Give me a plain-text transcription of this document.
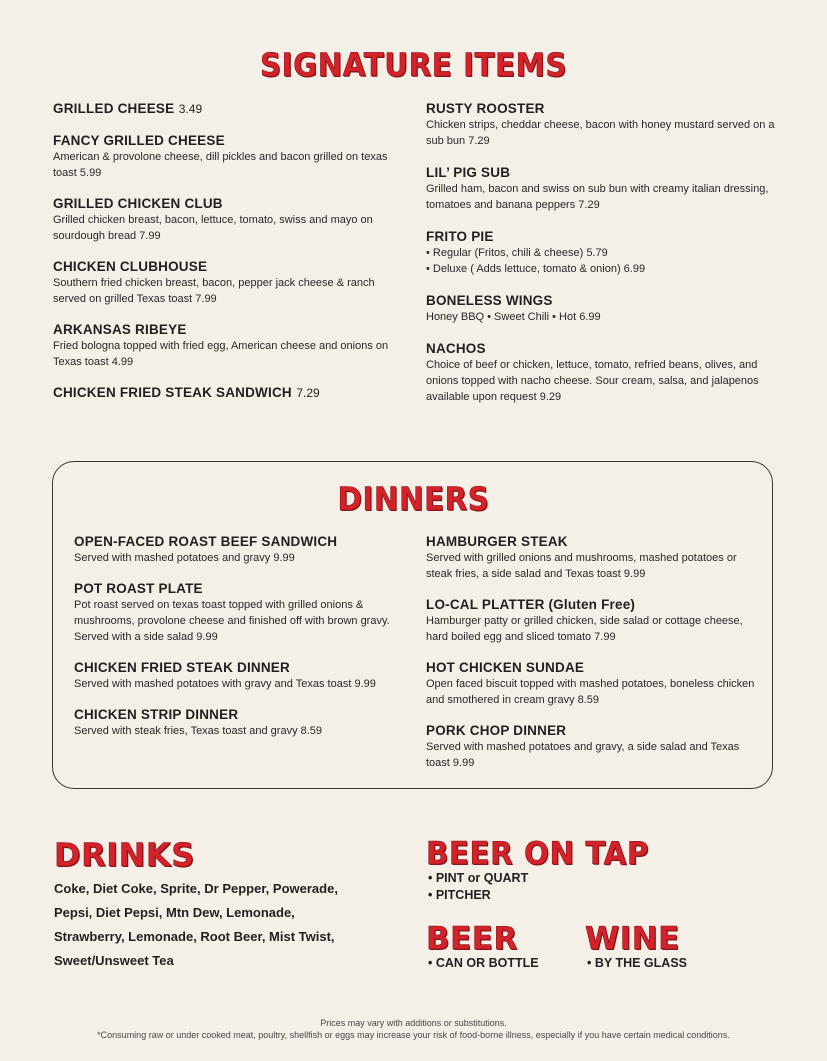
SIGNATURE ITEMS
GRILLED CHEESE 3.49
FANCY GRILLED CHEESE
American & provolone cheese, dill pickles and bacon grilled on texas toast 5.99
GRILLED CHICKEN CLUB
Grilled chicken breast, bacon, lettuce, tomato, swiss and mayo on sourdough bread 7.99
CHICKEN CLUBHOUSE
Southern fried chicken breast, bacon, pepper jack cheese & ranch served on grilled Texas toast 7.99
ARKANSAS RIBEYE
Fried bologna topped with fried egg, American cheese and onions on Texas toast 4.99
CHICKEN FRIED STEAK SANDWICH 7.29
RUSTY ROOSTER
Chicken strips, cheddar cheese, bacon with honey mustard served on a sub bun 7.29
LIL’ PIG SUB
Grilled ham, bacon and swiss on sub bun with creamy italian dressing, tomatoes and banana peppers 7.29
FRITO PIE
• Regular (Fritos, chili & cheese) 5.79
• Deluxe ( Adds lettuce, tomato & onion) 6.99
BONELESS WINGS
Honey BBQ • Sweet Chili • Hot 6.99
NACHOS
Choice of beef or chicken, lettuce, tomato, refried beans, olives, and onions topped with nacho cheese. Sour cream, salsa, and jalapenos available upon request 9.29
DINNERS
OPEN-FACED ROAST BEEF SANDWICH
Served with mashed potatoes and gravy 9.99
POT ROAST PLATE
Pot roast served on texas toast topped with grilled onions & mushrooms, provolone cheese and finished off with brown gravy. Served with a side salad 9.99
CHICKEN FRIED STEAK DINNER
Served with mashed potatoes with gravy and Texas toast 9.99
CHICKEN STRIP DINNER
Served with steak fries, Texas toast and gravy 8.59
HAMBURGER STEAK
Served with grilled onions and mushrooms, mashed potatoes or steak fries, a side salad and Texas toast 9.99
LO-CAL PLATTER (Gluten Free)
Hamburger patty or grilled chicken, side salad or cottage cheese, hard boiled egg and sliced tomato 7.99
HOT CHICKEN SUNDAE
Open faced biscuit topped with mashed potatoes, boneless chicken and smothered in cream gravy 8.59
PORK CHOP DINNER
Served with mashed potatoes and gravy, a side salad and Texas toast 9.99
DRINKS
Coke, Diet Coke, Sprite, Dr Pepper, Powerade,
Pepsi, Diet Pepsi, Mtn Dew, Lemonade,
Strawberry, Lemonade, Root Beer, Mist Twist,
Sweet/Unsweet Tea
BEER ON TAP
• PINT or QUART
• PITCHER
BEER
• CAN OR BOTTLE
WINE
• BY THE GLASS
Prices may vary with additions or substitutions.
*Consuming raw or under cooked meat, poultry, shellfish or eggs may increase your risk of food-borne illness, especially if you have certain medical conditions.
